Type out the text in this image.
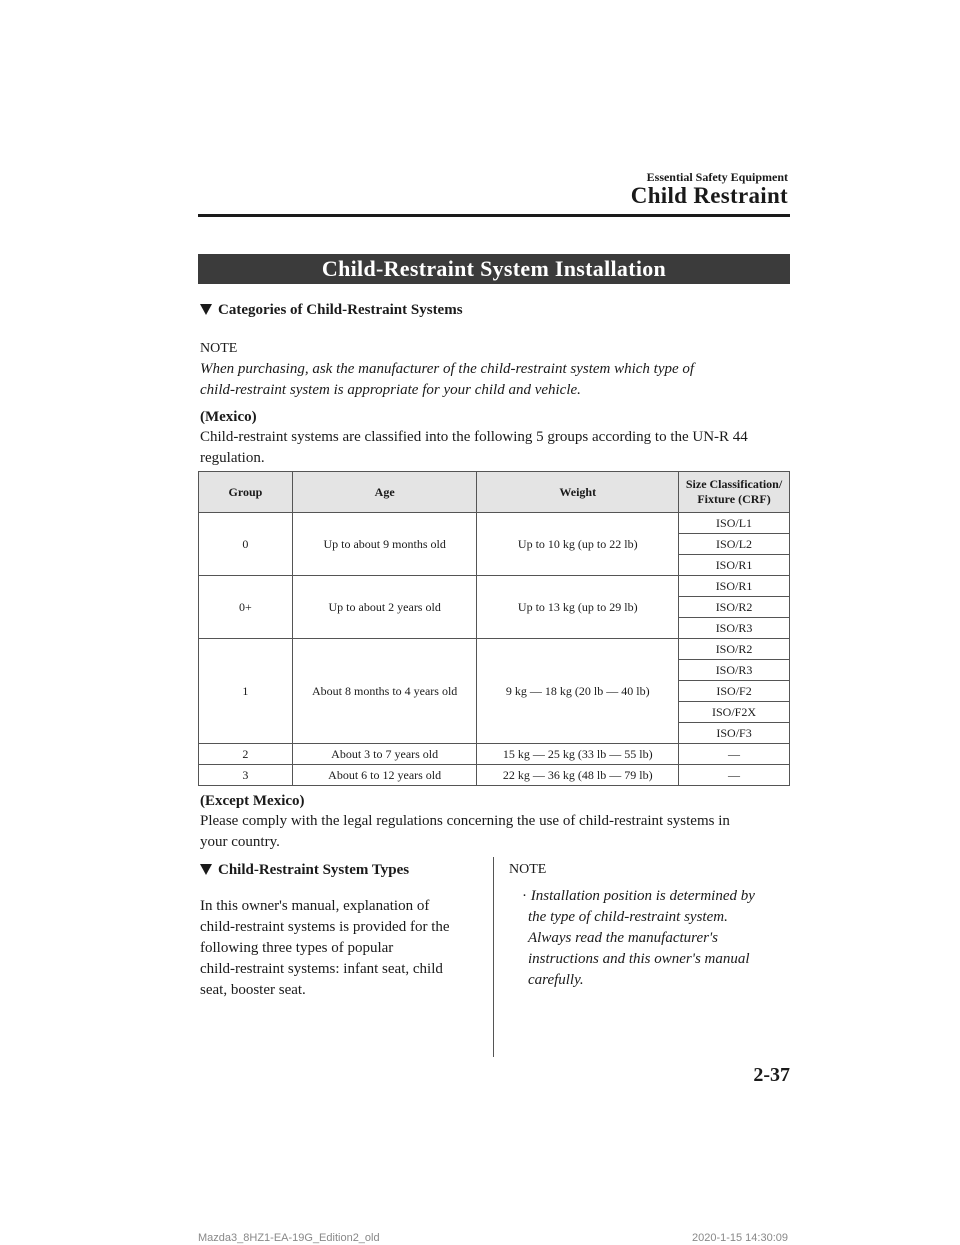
Essential Safety Equipment
Child Restraint
Child-Restraint System Installation
Categories of Child-Restraint Systems
NOTE
When purchasing, ask the manufacturer of the child-restraint system which type of
child-restraint system is appropriate for your child and vehicle.
(Mexico)
Child-restraint systems are classified into the following 5 groups according to the UN-R 44
regulation.
Group	Age	Weight	Size Classification/
Fixture (CRF)

0	Up to about 9 months old	Up to 10 kg (up to 22 lb)	ISO/L1
			ISO/L2
			ISO/R1
0+	Up to about 2 years old	Up to 13 kg (up to 29 lb)	ISO/R1
			ISO/R2
			ISO/R3
1	About 8 months to 4 years old	9 kg — 18 kg (20 lb — 40 lb)	ISO/R2
			ISO/R3
			ISO/F2
			ISO/F2X
			ISO/F3
2	About 3 to 7 years old	15 kg — 25 kg (33 lb — 55 lb)	—
3	About 6 to 12 years old	22 kg — 36 kg (48 lb — 79 lb)	—
(Except Mexico)
Please comply with the legal regulations concerning the use of child-restraint systems in
your country.
Child-Restraint System Types
In this owner's manual, explanation of
child-restraint systems is provided for the
following three types of popular
child-restraint systems: infant seat, child
seat, booster seat.
NOTE
· Installation position is determined by
the type of child-restraint system.
Always read the manufacturer's
instructions and this owner's manual
carefully.
2-37
Mazda3_8HZ1-EA-19G_Edition2_old	2020-1-15 14:30:09
